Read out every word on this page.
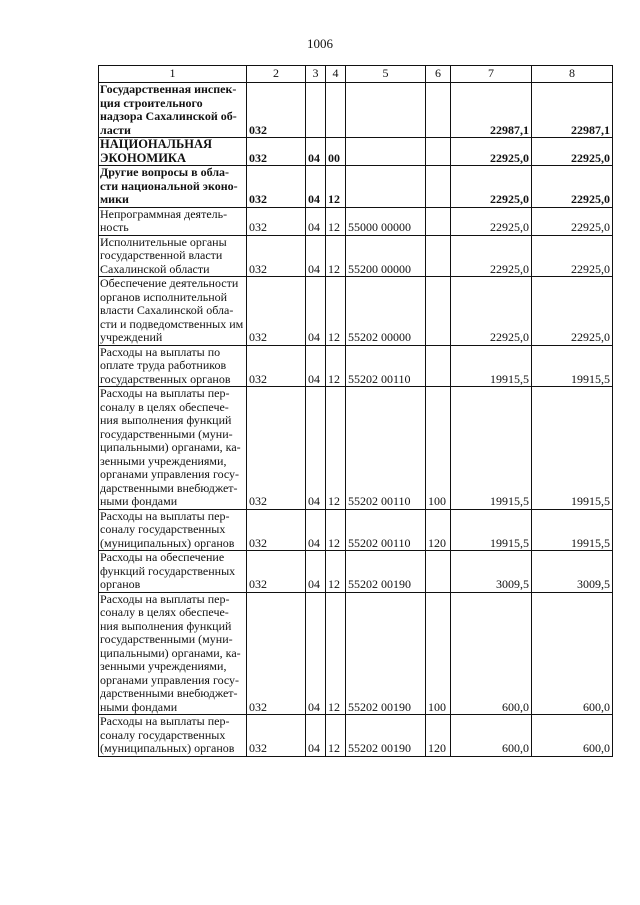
1006
1	2	3	4	5	6	7	8
Государственная инспек-ция строительного надзора Сахалинской об-ласти	032					22987,1	22987,1
НАЦИОНАЛЬНАЯ ЭКОНОМИКА	032	04	00			22925,0	22925,0
Другие вопросы в обла-сти национальной эконо-мики	032	04	12			22925,0	22925,0
Непрограммная деятель-ность	032	04	12	55000 00000		22925,0	22925,0
Исполнительные органы государственной власти Сахалинской области	032	04	12	55200 00000		22925,0	22925,0
Обеспечение деятельности органов исполнительной власти Сахалинской обла-сти и подведомственных им учреждений	032	04	12	55202 00000		22925,0	22925,0
Расходы на выплаты по оплате труда работников государственных органов	032	04	12	55202 00110		19915,5	19915,5
Расходы на выплаты пер-соналу в целях обеспече-ния выполнения функций государственными (муни-ципальными) органами, ка-зенными учреждениями, органами управления госу-дарственными внебюджет-ными фондами	032	04	12	55202 00110	100	19915,5	19915,5
Расходы на выплаты пер-соналу государственных (муниципальных) органов	032	04	12	55202 00110	120	19915,5	19915,5
Расходы на обеспечение функций государственных органов	032	04	12	55202 00190		3009,5	3009,5
Расходы на выплаты пер-соналу в целях обеспече-ния выполнения функций государственными (муни-ципальными) органами, ка-зенными учреждениями, органами управления госу-дарственными внебюджет-ными фондами	032	04	12	55202 00190	100	600,0	600,0
Расходы на выплаты пер-соналу государственных (муниципальных) органов	032	04	12	55202 00190	120	600,0	600,0
